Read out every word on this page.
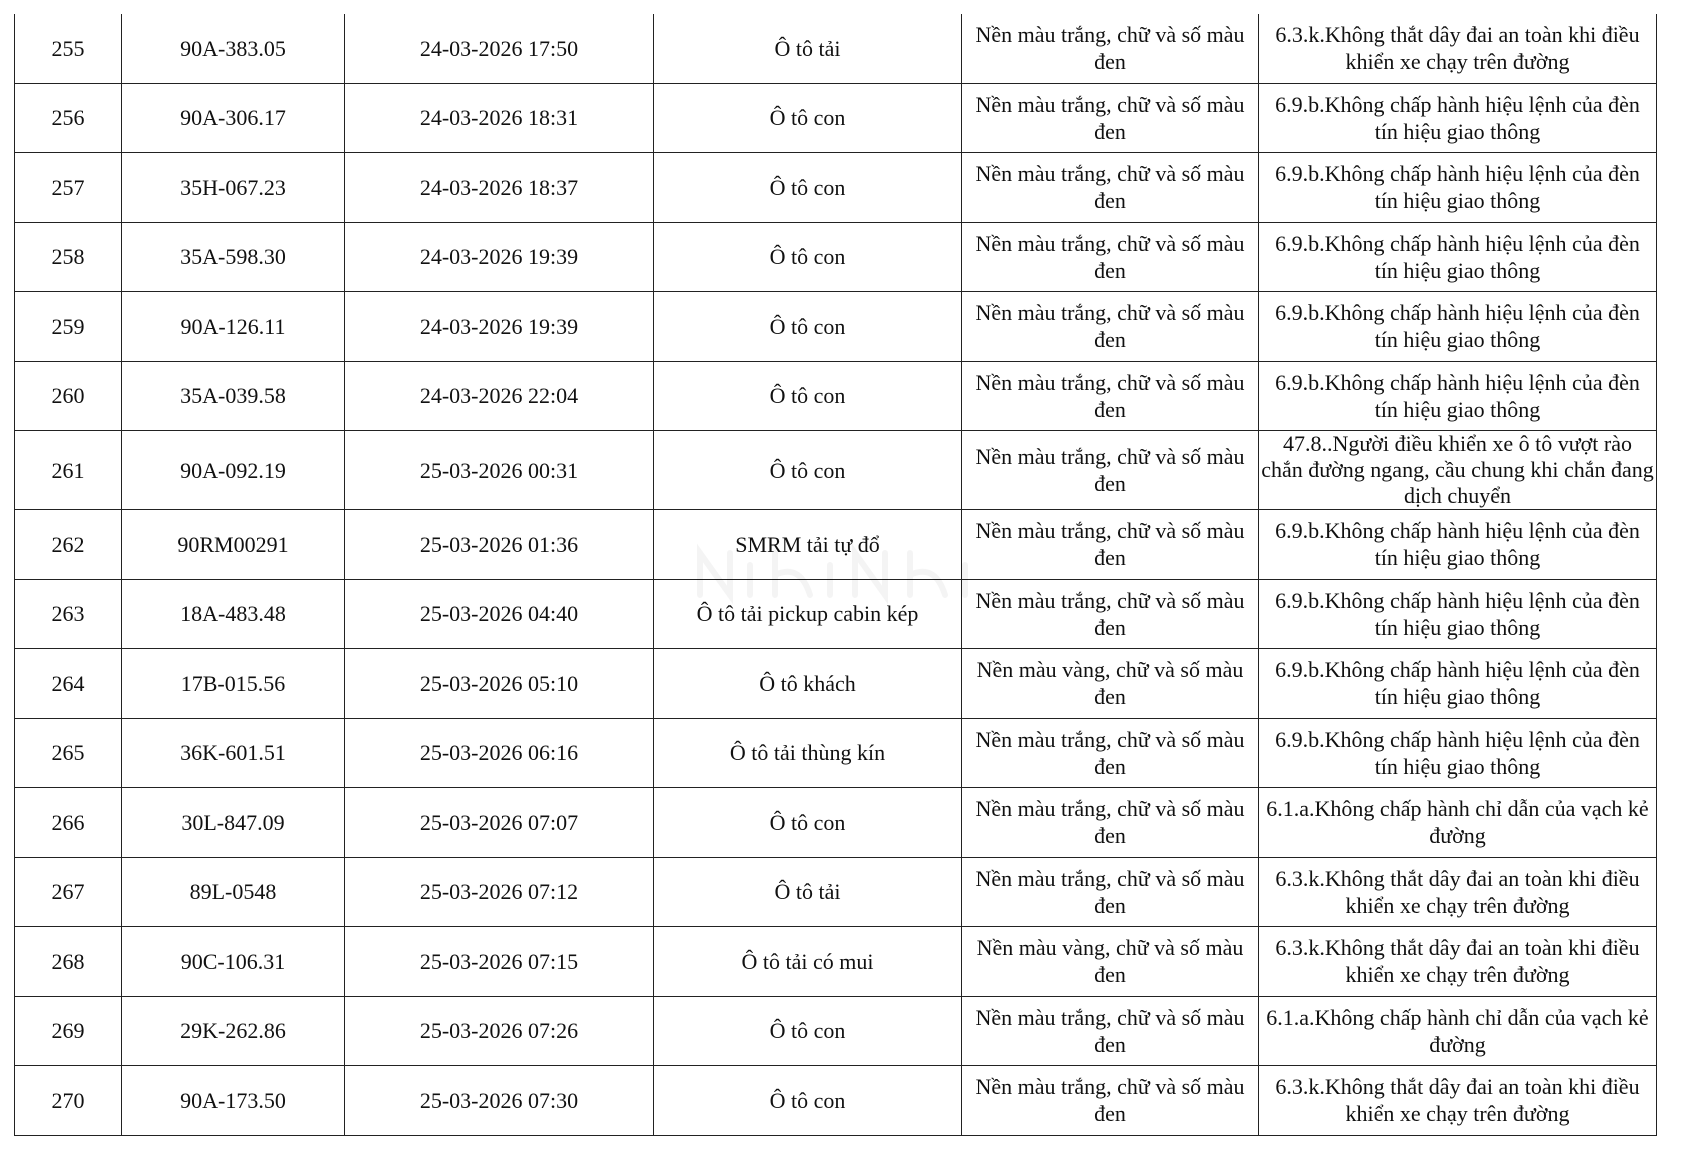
255	90A-383.05	24-03-2026 17:50	Ô tô tải	Nền màu trắng, chữ và số màu đen	6.3.k.Không thắt dây đai an toàn khi điều khiển xe chạy trên đường
256	90A-306.17	24-03-2026 18:31	Ô tô con	Nền màu trắng, chữ và số màu đen	6.9.b.Không chấp hành hiệu lệnh của đèn tín hiệu giao thông
257	35H-067.23	24-03-2026 18:37	Ô tô con	Nền màu trắng, chữ và số màu đen	6.9.b.Không chấp hành hiệu lệnh của đèn tín hiệu giao thông
258	35A-598.30	24-03-2026 19:39	Ô tô con	Nền màu trắng, chữ và số màu đen	6.9.b.Không chấp hành hiệu lệnh của đèn tín hiệu giao thông
259	90A-126.11	24-03-2026 19:39	Ô tô con	Nền màu trắng, chữ và số màu đen	6.9.b.Không chấp hành hiệu lệnh của đèn tín hiệu giao thông
260	35A-039.58	24-03-2026 22:04	Ô tô con	Nền màu trắng, chữ và số màu đen	6.9.b.Không chấp hành hiệu lệnh của đèn tín hiệu giao thông
261	90A-092.19	25-03-2026 00:31	Ô tô con	Nền màu trắng, chữ và số màu đen	47.8..Người điều khiển xe ô tô vượt rào chắn đường ngang, cầu chung khi chắn đang dịch chuyển
262	90RM00291	25-03-2026 01:36	SMRM tải tự đổ	Nền màu trắng, chữ và số màu đen	6.9.b.Không chấp hành hiệu lệnh của đèn tín hiệu giao thông
263	18A-483.48	25-03-2026 04:40	Ô tô tải pickup cabin kép	Nền màu trắng, chữ và số màu đen	6.9.b.Không chấp hành hiệu lệnh của đèn tín hiệu giao thông
264	17B-015.56	25-03-2026 05:10	Ô tô khách	Nền màu vàng, chữ và số màu đen	6.9.b.Không chấp hành hiệu lệnh của đèn tín hiệu giao thông
265	36K-601.51	25-03-2026 06:16	Ô tô tải thùng kín	Nền màu trắng, chữ và số màu đen	6.9.b.Không chấp hành hiệu lệnh của đèn tín hiệu giao thông
266	30L-847.09	25-03-2026 07:07	Ô tô con	Nền màu trắng, chữ và số màu đen	6.1.a.Không chấp hành chỉ dẫn của vạch kẻ đường
267	89L-0548	25-03-2026 07:12	Ô tô tải	Nền màu trắng, chữ và số màu đen	6.3.k.Không thắt dây đai an toàn khi điều khiển xe chạy trên đường
268	90C-106.31	25-03-2026 07:15	Ô tô tải có mui	Nền màu vàng, chữ và số màu đen	6.3.k.Không thắt dây đai an toàn khi điều khiển xe chạy trên đường
269	29K-262.86	25-03-2026 07:26	Ô tô con	Nền màu trắng, chữ và số màu đen	6.1.a.Không chấp hành chỉ dẫn của vạch kẻ đường
270	90A-173.50	25-03-2026 07:30	Ô tô con	Nền màu trắng, chữ và số màu đen	6.3.k.Không thắt dây đai an toàn khi điều khiển xe chạy trên đường
